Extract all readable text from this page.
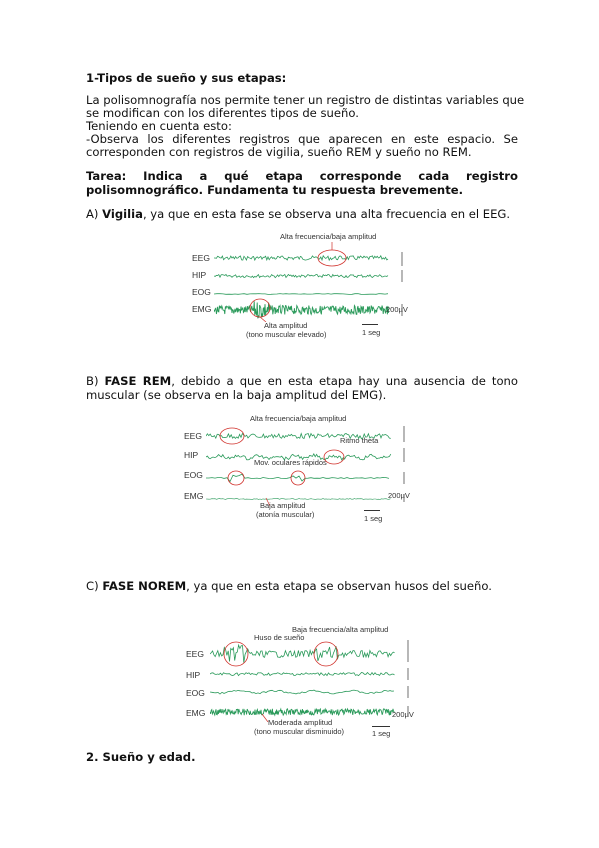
1-Tipos de sueño y sus etapas:
La polisomnografía nos permite tener un registro de distintas variables que
se modifican con los diferentes tipos de sueño.
Teniendo en cuenta esto:
-Observa los diferentes registros que aparecen en este espacio. Se
corresponden con registros de vigilia, sueño REM y sueño no REM.
Tarea: Indica a qué etapa corresponde cada registro
polisomnográfico. Fundamenta tu respuesta brevemente.
A) Vigilia, ya que en esta fase se observa una alta frecuencia en el EEG.
Alta frecuencia/baja amplitud
EEG
HIP
EOG
EMG	200µV
1 seg
Alta amplitud
(tono muscular elevado)
B) FASE REM, debido a que en esta etapa hay una ausencia de tono
muscular (se observa en la baja amplitud del EMG).
Alta frecuencia/baja amplitud
Ritmo theta
Mov. oculares rápidos
EEG
HIP
EOG
EMG	200µV
1 seg
Baja amplitud
(atonía muscular)
C) FASE NOREM, ya que en esta etapa se observan husos del sueño.
Baja frecuencia/alta amplitud
Huso de sueño
EEG
HIP
EOG
EMG	200µV
1 seg
Moderada amplitud
(tono muscular disminuido)
2. Sueño y edad.
